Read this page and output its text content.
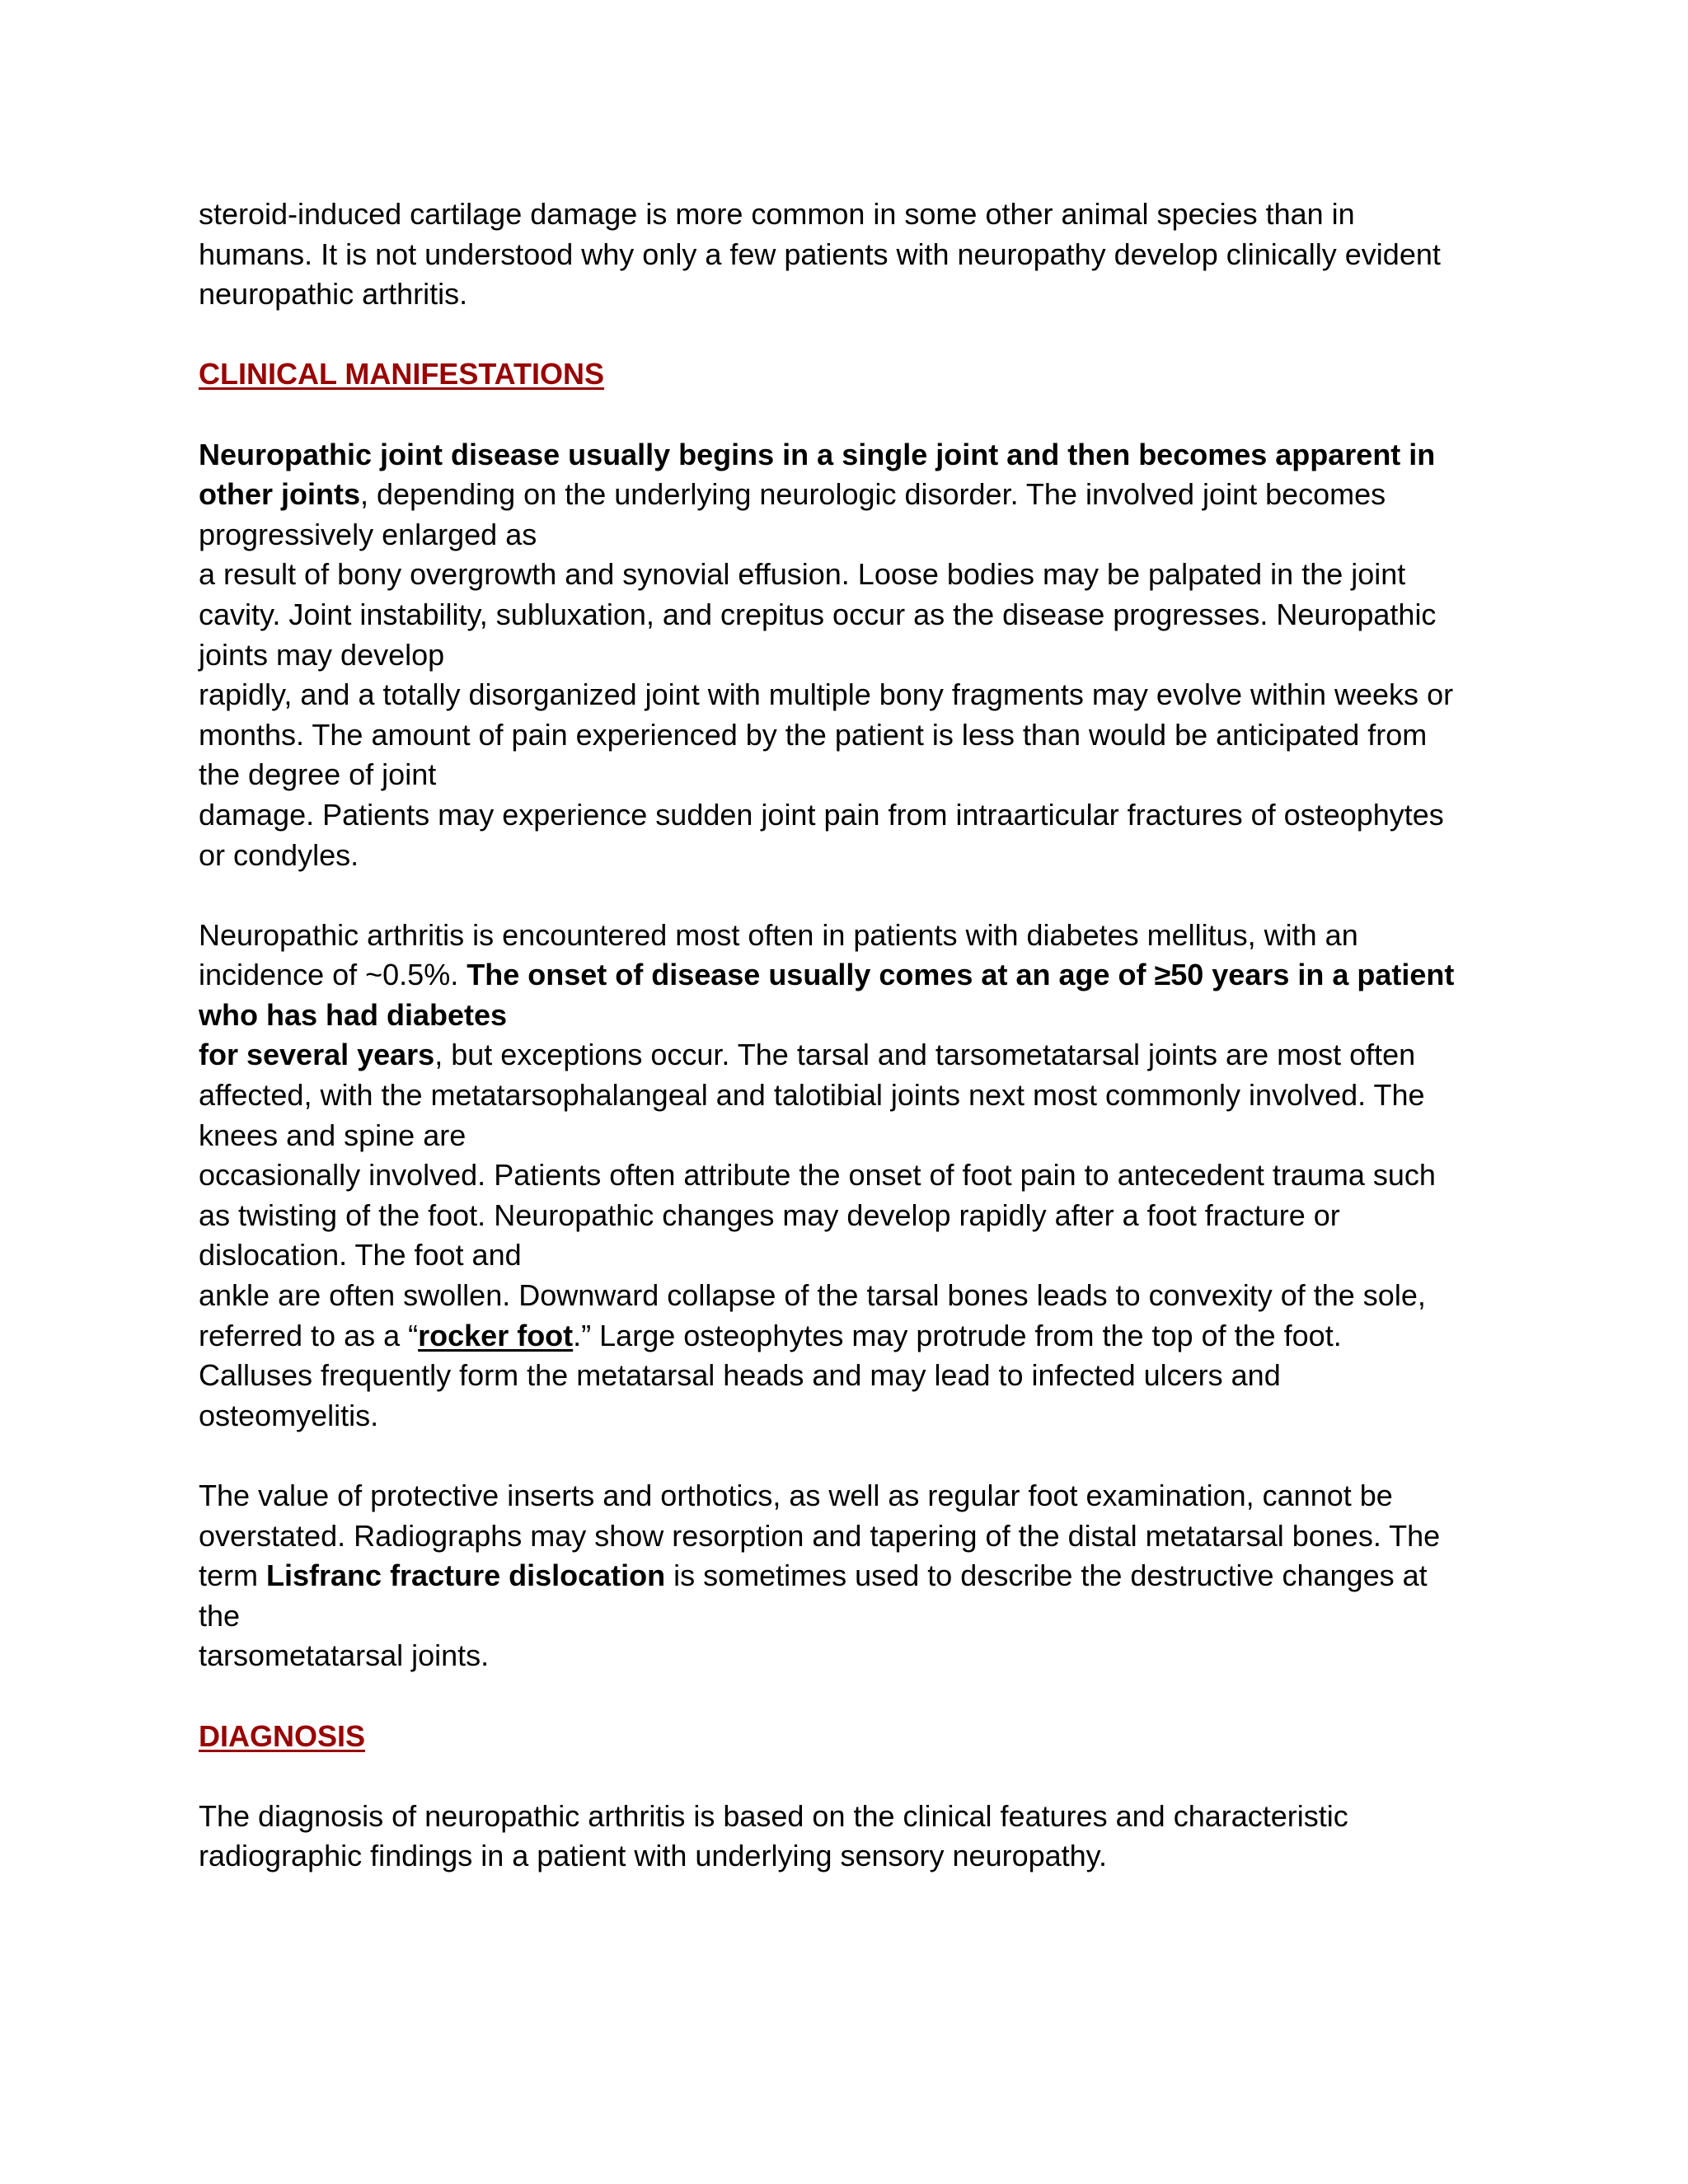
steroid-induced cartilage damage is more common in some other animal species than in
humans. It is not understood why only a few patients with neuropathy develop clinically evident
neuropathic arthritis.
CLINICAL MANIFESTATIONS
Neuropathic joint disease usually begins in a single joint and then becomes apparent in
other joints, depending on the underlying neurologic disorder. The involved joint becomes
progressively enlarged as
a result of bony overgrowth and synovial effusion. Loose bodies may be palpated in the joint
cavity. Joint instability, subluxation, and crepitus occur as the disease progresses. Neuropathic
joints may develop
rapidly, and a totally disorganized joint with multiple bony fragments may evolve within weeks or
months. The amount of pain experienced by the patient is less than would be anticipated from
the degree of joint
damage. Patients may experience sudden joint pain from intraarticular fractures of osteophytes
or condyles.
Neuropathic arthritis is encountered most often in patients with diabetes mellitus, with an
incidence of ~0.5%. The onset of disease usually comes at an age of ≥50 years in a patient
who has had diabetes
for several years, but exceptions occur. The tarsal and tarsometatarsal joints are most often
affected, with the metatarsophalangeal and talotibial joints next most commonly involved. The
knees and spine are
occasionally involved. Patients often attribute the onset of foot pain to antecedent trauma such
as twisting of the foot. Neuropathic changes may develop rapidly after a foot fracture or
dislocation. The foot and
ankle are often swollen. Downward collapse of the tarsal bones leads to convexity of the sole,
referred to as a “rocker foot.” Large osteophytes may protrude from the top of the foot.
Calluses frequently form the metatarsal heads and may lead to infected ulcers and
osteomyelitis.
The value of protective inserts and orthotics, as well as regular foot examination, cannot be
overstated. Radiographs may show resorption and tapering of the distal metatarsal bones. The
term Lisfranc fracture dislocation is sometimes used to describe the destructive changes at
the
tarsometatarsal joints.
DIAGNOSIS
The diagnosis of neuropathic arthritis is based on the clinical features and characteristic
radiographic findings in a patient with underlying sensory neuropathy.
